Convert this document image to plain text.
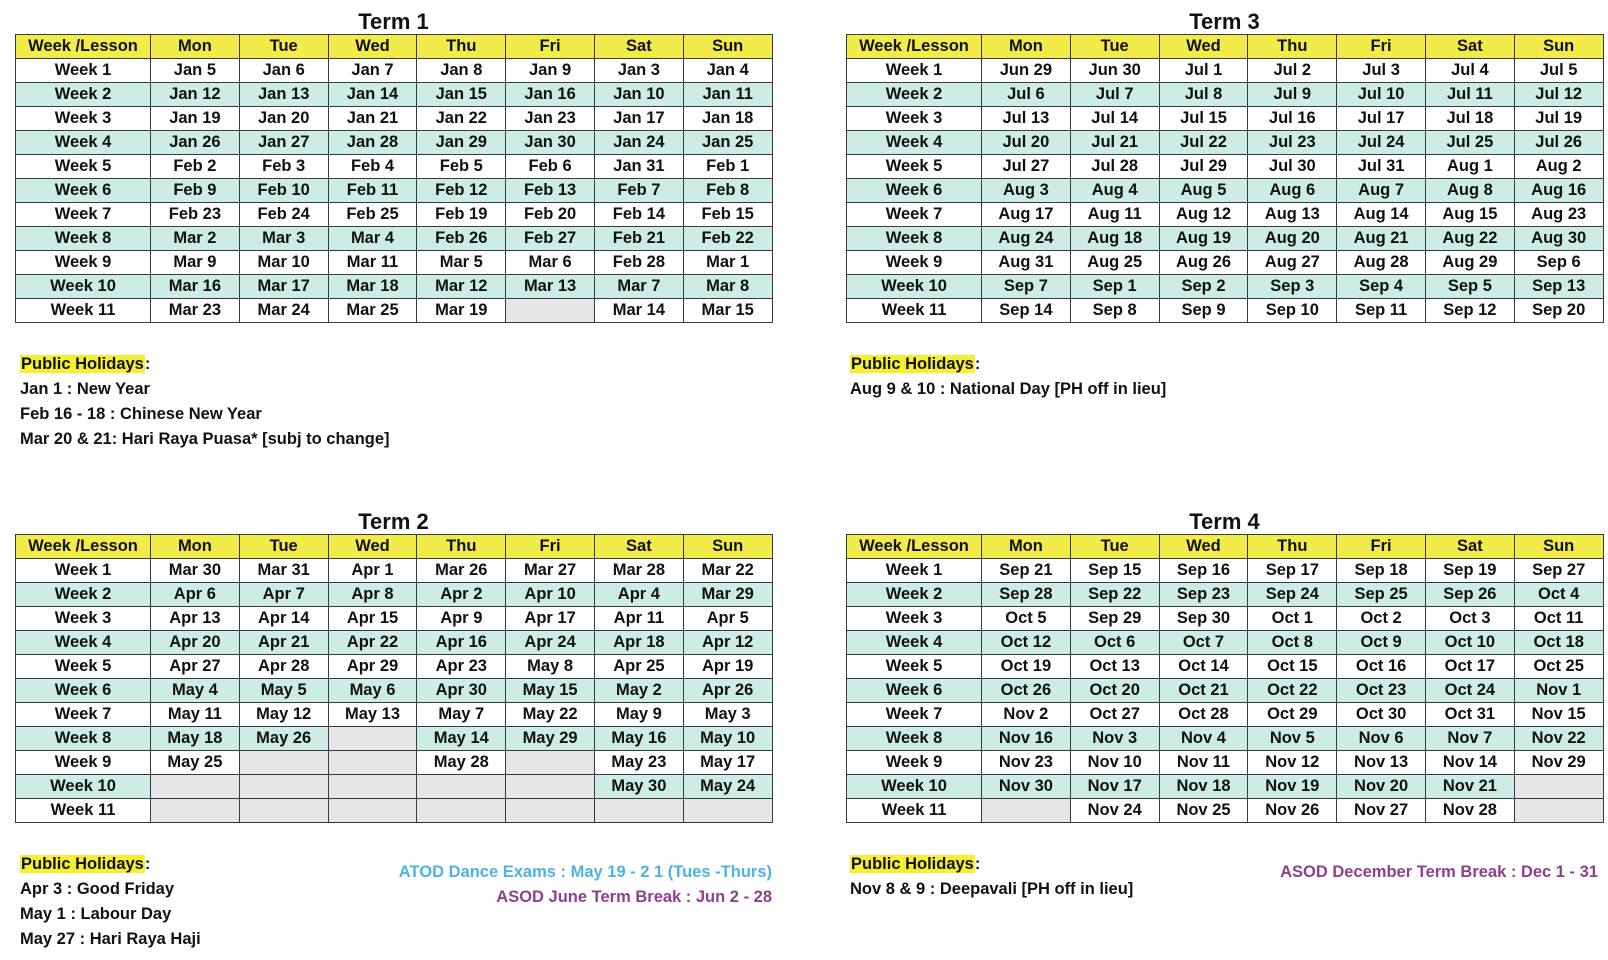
Term 1
Week /Lesson	Mon	Tue	Wed	Thu	Fri	Sat	Sun
Week 1	Jan 5	Jan 6	Jan 7	Jan 8	Jan 9	Jan 3	Jan 4
Week 2	Jan 12	Jan 13	Jan 14	Jan 15	Jan 16	Jan 10	Jan 11
Week 3	Jan 19	Jan 20	Jan 21	Jan 22	Jan 23	Jan 17	Jan 18
Week 4	Jan 26	Jan 27	Jan 28	Jan 29	Jan 30	Jan 24	Jan 25
Week 5	Feb 2	Feb 3	Feb 4	Feb 5	Feb 6	Jan 31	Feb 1
Week 6	Feb 9	Feb 10	Feb 11	Feb 12	Feb 13	Feb 7	Feb 8
Week 7	Feb 23	Feb 24	Feb 25	Feb 19	Feb 20	Feb 14	Feb 15
Week 8	Mar 2	Mar 3	Mar 4	Feb 26	Feb 27	Feb 21	Feb 22
Week 9	Mar 9	Mar 10	Mar 11	Mar 5	Mar 6	Feb 28	Mar 1
Week 10	Mar 16	Mar 17	Mar 18	Mar 12	Mar 13	Mar 7	Mar 8
Week 11	Mar 23	Mar 24	Mar 25	Mar 19		Mar 14	Mar 15
Public Holidays:
Jan 1 : New Year
Feb 16 - 18 : Chinese New Year
Mar 20 & 21: Hari Raya Puasa* [subj to change]
Term 3
Week /Lesson	Mon	Tue	Wed	Thu	Fri	Sat	Sun
Week 1	Jun 29	Jun 30	Jul 1	Jul 2	Jul 3	Jul 4	Jul 5
Week 2	Jul 6	Jul 7	Jul 8	Jul 9	Jul 10	Jul 11	Jul 12
Week 3	Jul 13	Jul 14	Jul 15	Jul 16	Jul 17	Jul 18	Jul 19
Week 4	Jul 20	Jul 21	Jul 22	Jul 23	Jul 24	Jul 25	Jul 26
Week 5	Jul 27	Jul 28	Jul 29	Jul 30	Jul 31	Aug 1	Aug 2
Week 6	Aug 3	Aug 4	Aug 5	Aug 6	Aug 7	Aug 8	Aug 16
Week 7	Aug 17	Aug 11	Aug 12	Aug 13	Aug 14	Aug 15	Aug 23
Week 8	Aug 24	Aug 18	Aug 19	Aug 20	Aug 21	Aug 22	Aug 30
Week 9	Aug 31	Aug 25	Aug 26	Aug 27	Aug 28	Aug 29	Sep 6
Week 10	Sep 7	Sep 1	Sep 2	Sep 3	Sep 4	Sep 5	Sep 13
Week 11	Sep 14	Sep 8	Sep 9	Sep 10	Sep 11	Sep 12	Sep 20
Public Holidays:
Aug 9 & 10 : National Day [PH off in lieu]
Term 2
Week /Lesson	Mon	Tue	Wed	Thu	Fri	Sat	Sun
Week 1	Mar 30	Mar 31	Apr 1	Mar 26	Mar 27	Mar 28	Mar 22
Week 2	Apr 6	Apr 7	Apr 8	Apr 2	Apr 10	Apr 4	Mar 29
Week 3	Apr 13	Apr 14	Apr 15	Apr 9	Apr 17	Apr 11	Apr 5
Week 4	Apr 20	Apr 21	Apr 22	Apr 16	Apr 24	Apr 18	Apr 12
Week 5	Apr 27	Apr 28	Apr 29	Apr 23	May 8	Apr 25	Apr 19
Week 6	May 4	May 5	May 6	Apr 30	May 15	May 2	Apr 26
Week 7	May 11	May 12	May 13	May 7	May 22	May 9	May 3
Week 8	May 18	May 26		May 14	May 29	May 16	May 10
Week 9	May 25			May 28		May 23	May 17
Week 10						May 30	May 24
Week 11							
Public Holidays:
Apr 3 : Good Friday
May 1 : Labour Day
May 27 : Hari Raya Haji
ATOD Dance Exams : May 19 - 2 1 (Tues -Thurs)
ASOD June Term Break : Jun 2 - 28
Term 4
Week /Lesson	Mon	Tue	Wed	Thu	Fri	Sat	Sun
Week 1	Sep 21	Sep 15	Sep 16	Sep 17	Sep 18	Sep 19	Sep 27
Week 2	Sep 28	Sep 22	Sep 23	Sep 24	Sep 25	Sep 26	Oct 4
Week 3	Oct 5	Sep 29	Sep 30	Oct 1	Oct 2	Oct 3	Oct 11
Week 4	Oct 12	Oct 6	Oct 7	Oct 8	Oct 9	Oct 10	Oct 18
Week 5	Oct 19	Oct 13	Oct 14	Oct 15	Oct 16	Oct 17	Oct 25
Week 6	Oct 26	Oct 20	Oct 21	Oct 22	Oct 23	Oct 24	Nov 1
Week 7	Nov 2	Oct 27	Oct 28	Oct 29	Oct 30	Oct 31	Nov 15
Week 8	Nov 16	Nov 3	Nov 4	Nov 5	Nov 6	Nov 7	Nov 22
Week 9	Nov 23	Nov 10	Nov 11	Nov 12	Nov 13	Nov 14	Nov 29
Week 10	Nov 30	Nov 17	Nov 18	Nov 19	Nov 20	Nov 21	
Week 11		Nov 24	Nov 25	Nov 26	Nov 27	Nov 28	
Public Holidays:
Nov 8 & 9 : Deepavali [PH off in lieu]
ASOD December Term Break : Dec 1 - 31
